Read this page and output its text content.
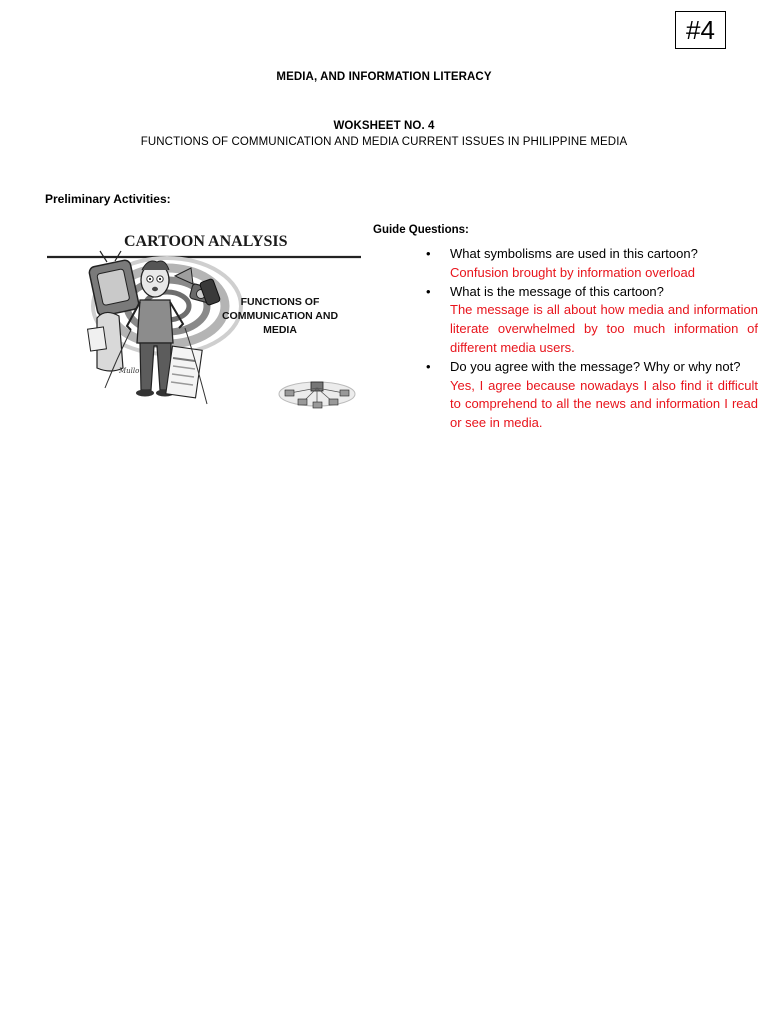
#4
MEDIA, AND INFORMATION LITERACY
WOKSHEET NO. 4
FUNCTIONS OF COMMUNICATION AND MEDIA CURRENT ISSUES IN PHILIPPINE MEDIA
Preliminary Activities:
CARTOON ANALYSIS
Mullo
FUNCTIONS OF
COMMUNICATION AND
MEDIA
Guide Questions:
• What symbolisms are used in this cartoon?
Confusion brought by information overload
• What is the message of this cartoon?
The message is all about how media and information literate overwhelmed by too much information of different media users.
• Do you agree with the message? Why or why not?
Yes, I agree because nowadays I also find it difficult to comprehend to all the news and information I read or see in media.
